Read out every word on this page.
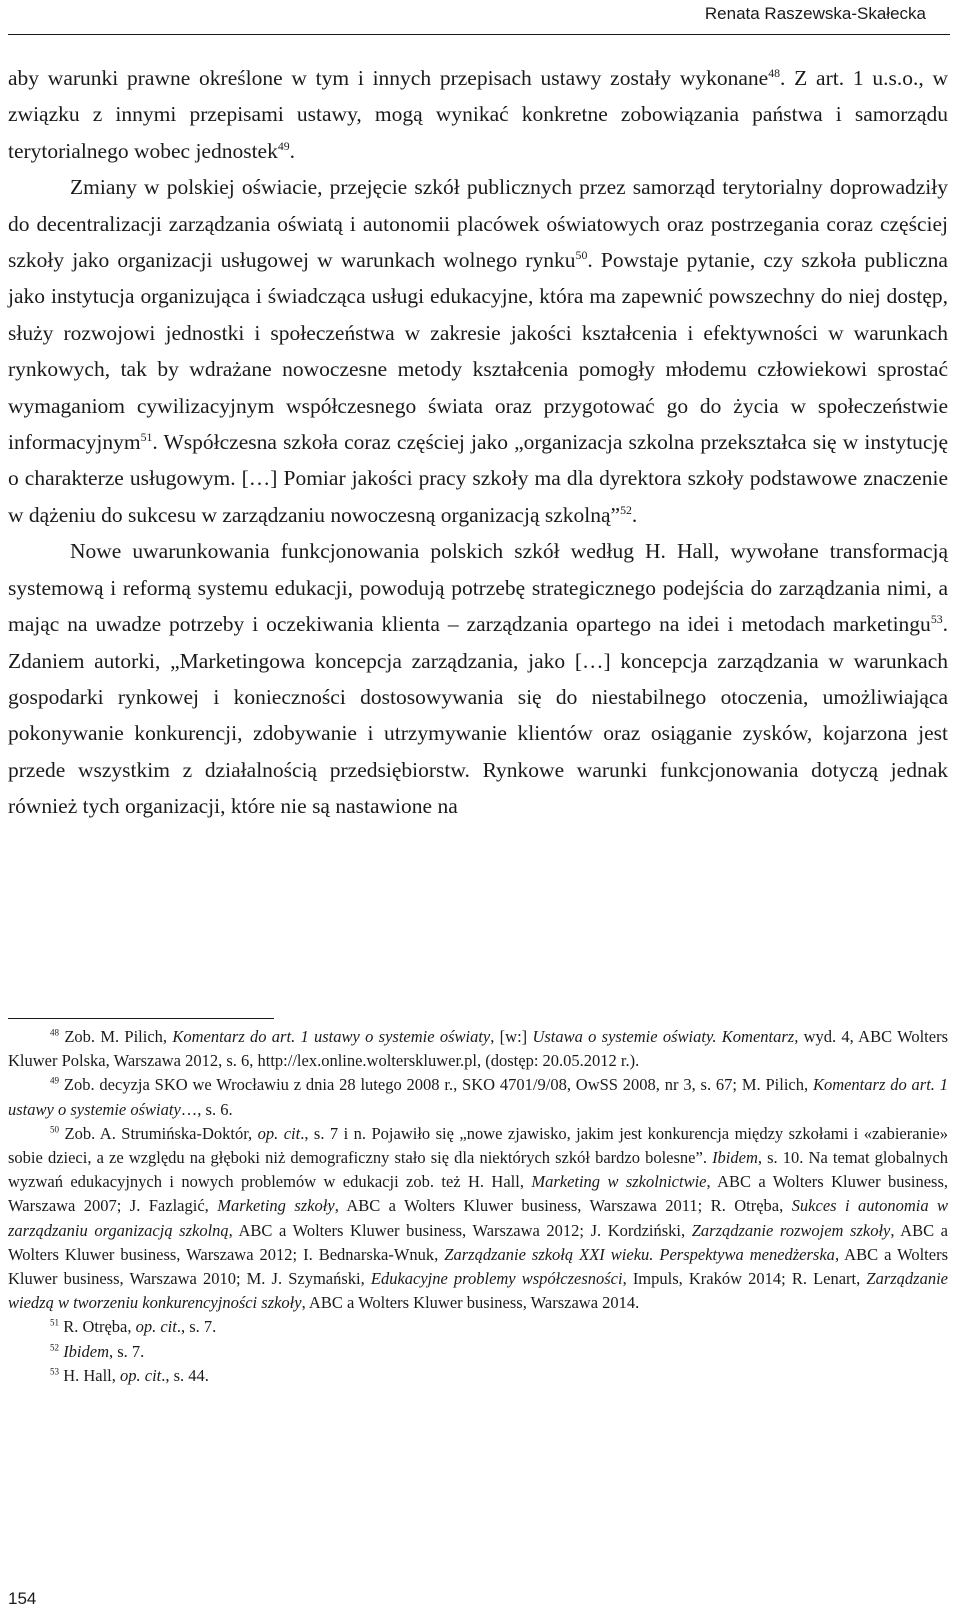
Renata Raszewska-Skałecka

aby warunki prawne określone w tym i innych przepisach ustawy zostały wykonane$^{48}$. Z art. 1 u.s.o., w związku z innymi przepisami ustawy, mogą wynikać konkretne zobowiązania państwa i samorządu terytorialnego wobec jednostek$^{49}$.

Zmiany w polskiej oświacie, przejęcie szkół publicznych przez samorząd terytorialny doprowadziły do decentralizacji zarządzania oświatą i autonomii placówek oświatowych oraz postrzegania coraz częściej szkoły jako organizacji usługowej w warunkach wolnego rynku$^{50}$. Powstaje pytanie, czy szkoła publiczna jako instytucja organizująca i świadcząca usługi edukacyjne, która ma zapewnić powszechny do niej dostęp, służy rozwojowi jednostki i społeczeństwa w zakresie jakości kształcenia i efektywności w warunkach rynkowych, tak by wdrażane nowoczesne metody kształcenia pomogły młodemu człowiekowi sprostać wymaganiom cywilizacyjnym współczesnego świata oraz przygotować go do życia w społeczeństwie informacyjnym$^{51}$. Współczesna szkoła coraz częściej jako „organizacja szkolna przekształca się w instytucję o charakterze usługowym. […] Pomiar jakości pracy szkoły ma dla dyrektora szkoły podstawowe znaczenie w dążeniu do sukcesu w zarządzaniu nowoczesną organizacją szkolną”$^{52}$.

Nowe uwarunkowania funkcjonowania polskich szkół według H. Hall, wywołane transformacją systemową i reformą systemu edukacji, powodują potrzebę strategicznego podejścia do zarządzania nimi, a mając na uwadze potrzeby i oczekiwania klienta – zarządzania opartego na idei i metodach marketingu$^{53}$. Zdaniem autorki, „Marketingowa koncepcja zarządzania, jako […] koncepcja zarządzania w warunkach gospodarki rynkowej i konieczności dostosowywania się do niestabilnego otoczenia, umożliwiająca pokonywanie konkurencji, zdobywanie i utrzymywanie klientów oraz osiąganie zysków, kojarzona jest przede wszystkim z działalnością przedsiębiorstw. Rynkowe warunki funkcjonowania dotyczą jednak również tych organizacji, które nie są nastawione na

$^{48}$ Zob. M. Pilich, Komentarz do art. 1 ustawy o systemie oświaty, [w:] Ustawa o systemie oświaty. Komentarz, wyd. 4, ABC Wolters Kluwer Polska, Warszawa 2012, s. 6, http://lex.online.wolterskluwer.pl, (dostęp: 20.05.2012 r.).

$^{49}$ Zob. decyzja SKO we Wrocławiu z dnia 28 lutego 2008 r., SKO 4701/9/08, OwSS 2008, nr 3, s. 67; M. Pilich, Komentarz do art. 1 ustawy o systemie oświaty…, s. 6.

$^{50}$ Zob. A. Strumińska-Doktór, op. cit., s. 7 i n. Pojawiło się „nowe zjawisko, jakim jest konkurencja między szkołami i «zabieranie» sobie dzieci, a ze względu na głęboki niż demograficzny stało się dla niektórych szkół bardzo bolesne”. Ibidem, s. 10. Na temat globalnych wyzwań edukacyjnych i nowych problemów w edukacji zob. też H. Hall, Marketing w szkolnictwie, ABC a Wolters Kluwer business, Warszawa 2007; J. Fazlagić, Marketing szkoły, ABC a Wolters Kluwer business, Warszawa 2011; R. Otręba, Sukces i autonomia w zarządzaniu organizacją szkolną, ABC a Wolters Kluwer business, Warszawa 2012; J. Kordziński, Zarządzanie rozwojem szkoły, ABC a Wolters Kluwer business, Warszawa 2012; I. Bednarska-Wnuk, Zarządzanie szkołą XXI wieku. Perspektywa menedżerska, ABC a Wolters Kluwer business, Warszawa 2010; M. J. Szymański, Edukacyjne problemy współczesności, Impuls, Kraków 2014; R. Lenart, Zarządzanie wiedzą w tworzeniu konkurencyjności szkoły, ABC a Wolters Kluwer business, Warszawa 2014.

$^{51}$ R. Otręba, op. cit., s. 7.

$^{52}$ Ibidem, s. 7.

$^{53}$ H. Hall, op. cit., s. 44.

154
